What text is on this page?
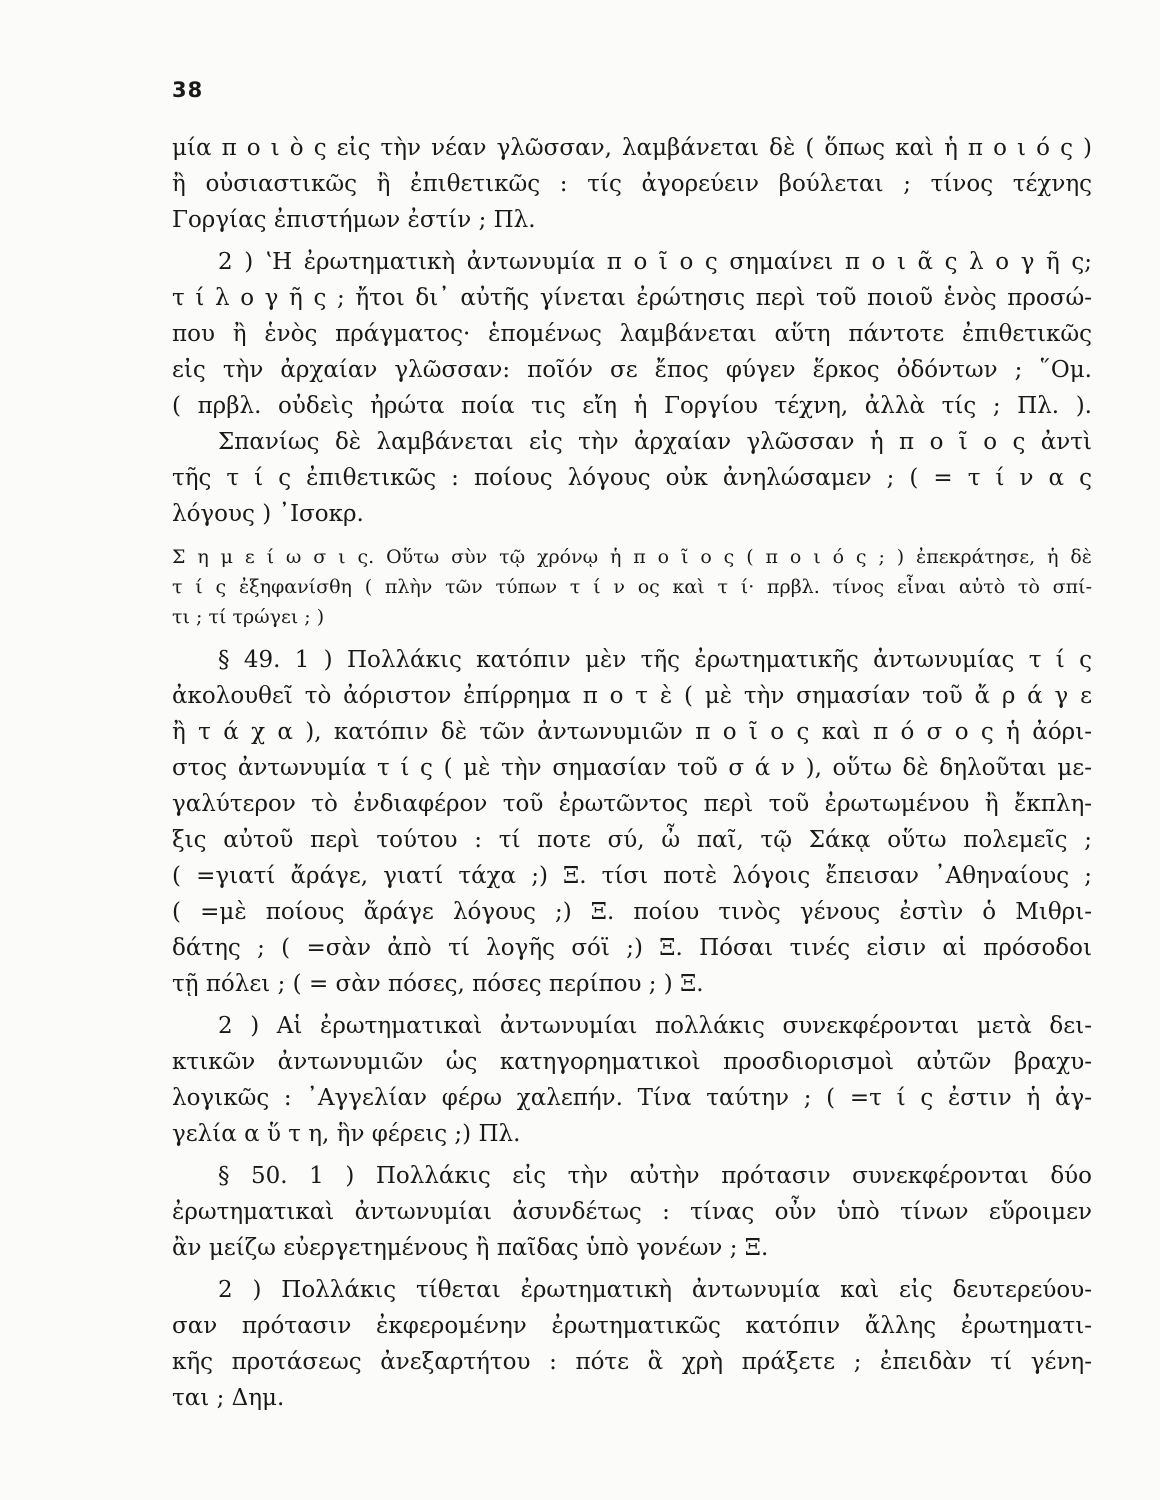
38
μία π ο ι ὸ ς εἰς τὴν νέαν γλῶσσαν, λαμβάνεται δὲ ( ὅπως καὶ ἡ π ο ι ό ς )
ἢ οὐσιαστικῶς ἢ ἐπιθετικῶς : τίς ἀγορεύειν βούλεται ; τίνος τέχνης
Γοργίας ἐπιστήμων ἐστίν ; Πλ.
2 ) ʽΗ ἐρωτηματικὴ ἀντωνυμία π ο ῖ ο ς σημαίνει π ο ι ᾶ ς λ ο γ ῆ ς;
τ ί λ ο γ ῆ ς ; ἤτοι δι᾽ αὐτῆς γίνεται ἐρώτησις περὶ τοῦ ποιοῦ ἑνὸς προσώ-
που ἢ ἑνὸς πράγματος· ἑπομένως λαμβάνεται αὕτη πάντοτε ἐπιθετικῶς
εἰς τὴν ἀρχαίαν γλῶσσαν: ποῖόν σε ἔπος φύγεν ἕρκος ὀδόντων ; ῞Ομ.
( πρβλ. οὐδεὶς ἠρώτα ποία τις εἴη ἡ Γοργίου τέχνη, ἀλλὰ τίς ; Πλ. ).
Σπανίως δὲ λαμβάνεται εἰς τὴν ἀρχαίαν γλῶσσαν ἡ π ο ῖ ο ς ἀντὶ
τῆς τ ί ς ἐπιθετικῶς : ποίους λόγους οὐκ ἀνηλώσαμεν ; ( = τ ί ν α ς
λόγους ) ᾽Ισοκρ.
Σ η μ ε ί ω σ ι ς. Οὕτω σὺν τῷ χρόνῳ ἡ π ο ῖ ο ς ( π ο ι ό ς ; ) ἐπεκράτησε, ἡ δὲ
τ ί ς ἐξηφανίσθη ( πλὴν τῶν τύπων τ ί ν ος καὶ τ ί· πρβλ. τίνος εἶναι αὐτὸ τὸ σπί-
τι ; τί τρώγει ; )
§ 49. 1 ) Πολλάκις κατόπιν μὲν τῆς ἐρωτηματικῆς ἀντωνυμίας τ ί ς
ἀκολουθεῖ τὸ ἀόριστον ἐπίρρημα π ο τ ὲ ( μὲ τὴν σημασίαν τοῦ ἄ ρ ά γ ε
ἢ τ ά χ α ), κατόπιν δὲ τῶν ἀντωνυμιῶν π ο ῖ ο ς καὶ π ό σ ο ς ἡ ἀόρι-
στος ἀντωνυμία τ ί ς ( μὲ τὴν σημασίαν τοῦ σ ά ν ), οὕτω δὲ δηλοῦται με-
γαλύτερον τὸ ἐνδιαφέρον τοῦ ἐρωτῶντος περὶ τοῦ ἐρωτωμένου ἢ ἔκπλη-
ξις αὐτοῦ περὶ τούτου : τί ποτε σύ, ὦ παῖ, τῷ Σάκᾳ οὕτω πολεμεῖς ;
( =γιατί ἄράγε, γιατί τάχα ;) Ξ. τίσι ποτὲ λόγοις ἔπεισαν ᾽Αθηναίους ;
( =μὲ ποίους ἄράγε λόγους ;) Ξ. ποίου τινὸς γένους ἐστὶν ὁ Μιθρι-
δάτης ; ( =σὰν ἀπὸ τί λογῆς σόϊ ;) Ξ. Πόσαι τινές εἰσιν αἱ πρόσοδοι
τῇ πόλει ; ( = σὰν πόσες, πόσες περίπου ; ) Ξ.
2 ) Αἱ ἐρωτηματικαὶ ἀντωνυμίαι πολλάκις συνεκφέρονται μετὰ δει-
κτικῶν ἀντωνυμιῶν ὡς κατηγορηματικοὶ προσδιορισμοὶ αὐτῶν βραχυ-
λογικῶς : ᾽Αγγελίαν φέρω χαλεπήν. Τίνα ταύτην ; ( =τ ί ς ἐστιν ἡ ἀγ-
γελία α ὕ τ η, ἣν φέρεις ;) Πλ.
§ 50. 1 ) Πολλάκις εἰς τὴν αὐτὴν πρότασιν συνεκφέρονται δύο
ἐρωτηματικαὶ ἀντωνυμίαι ἀσυνδέτως : τίνας οὖν ὑπὸ τίνων εὕροιμεν
ἂν μείζω εὐεργετημένους ἢ παῖδας ὑπὸ γονέων ; Ξ.
2 ) Πολλάκις τίθεται ἐρωτηματικὴ ἀντωνυμία καὶ εἰς δευτερεύου-
σαν πρότασιν ἐκφερομένην ἐρωτηματικῶς κατόπιν ἄλλης ἐρωτηματι-
κῆς προτάσεως ἀνεξαρτήτου : πότε ἃ χρὴ πράξετε ; ἐπειδὰν τί γένη-
ται ; Δημ.
